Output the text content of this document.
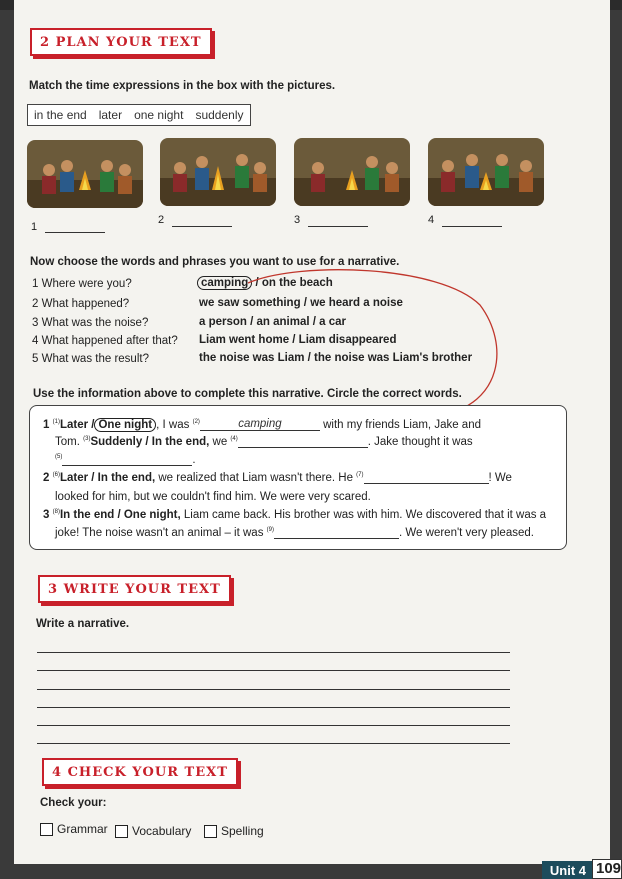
2 PLAN YOUR TEXT
Match the time expressions in the box with the pictures.
in the end later one night suddenly
1
2	3	4
Now choose the words and phrases you want to use for a narrative.
1 Where were you?	camping / on the beach
2 What happened?	we saw something / we heard a noise
3 What was the noise?	a person / an animal / a car
4 What happened after that? Liam went home / Liam disappeared
5 What was the result?	the noise was Liam / the noise was Liam's brother
Use the information above to complete this narrative. Circle the correct words.
1 $^{(1)}$Later / One night , I was $^{(2)}$	camping	with my friends Liam, Jake and
Tom. $^{(3)}$Suddenly / In the end, we $^{(4)}$	. Jake thought it was
$^{(5)}$	.
2 $^{(6)}$Later / In the end, we realized that Liam wasn't there. He $^{(7)}$	! We
looked for him, but we couldn't find him. We were very scared.
3 $^{(8)}$In the end / One night, Liam came back. His brother was with him. We discovered that it was a
joke! The noise wasn't an animal – it was $^{(9)}$	. We weren't very pleased.
3 WRITE YOUR TEXT
Write a narrative.
4 CHECK YOUR TEXT
Check your:
Grammar Vocabulary Spelling
Unit 4 109
